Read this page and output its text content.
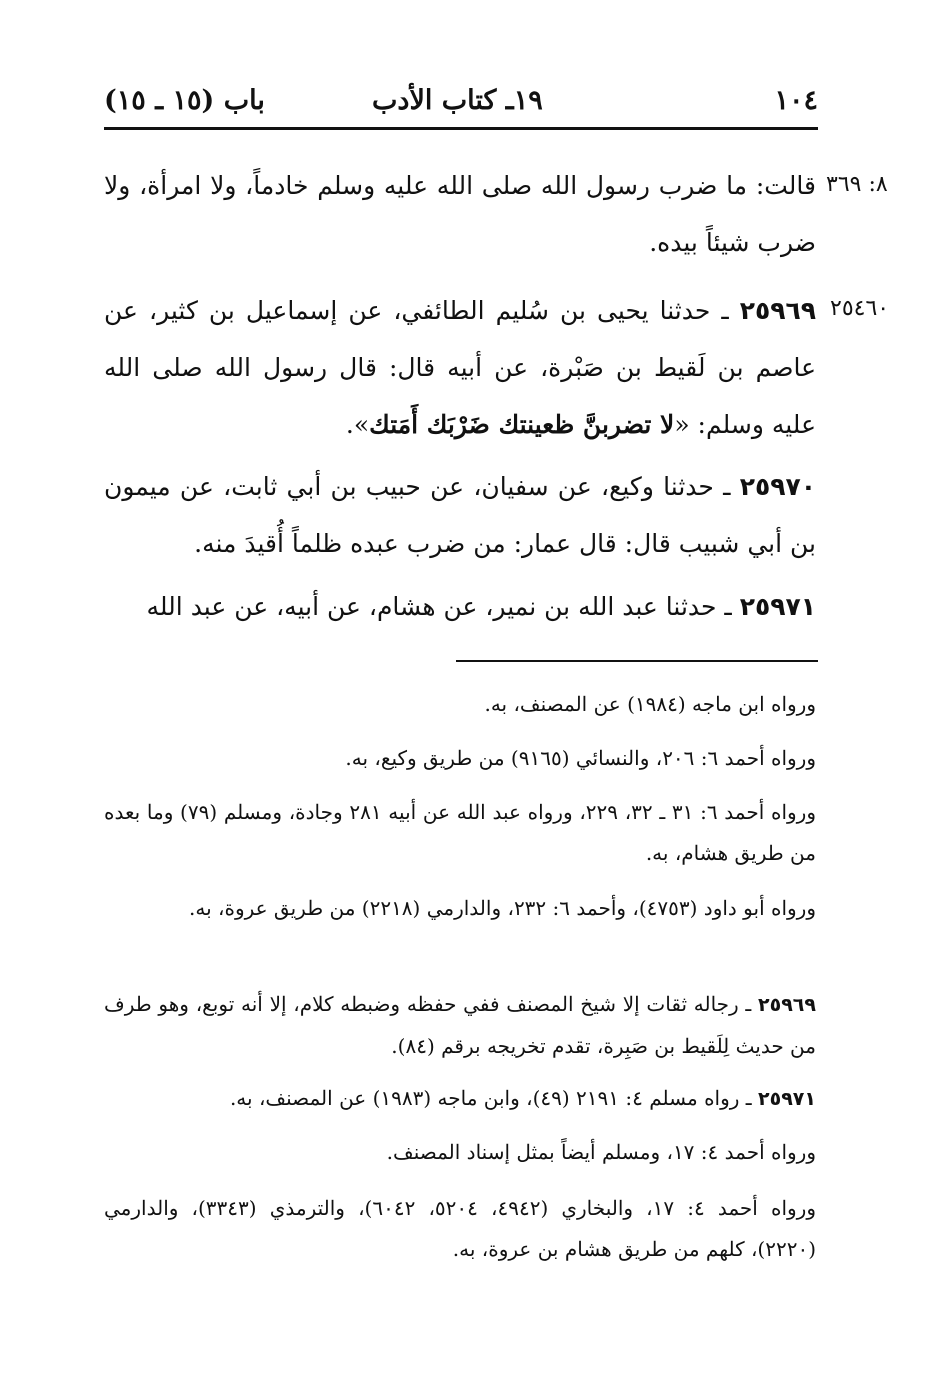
١٠٤
١٩ـ كتاب الأدب
باب (١٥ ـ ١٥)
٨: ٣٦٩
٢٥٤٦٠
قالت: ما ضرب رسول الله صلى الله عليه وسلم خادماً، ولا امرأة، ولا ضرب شيئاً بيده.
٢٥٩٦٩ ـ حدثنا يحيى بن سُليم الطائفي، عن إسماعيل بن كثير، عن عاصم بن لَقيط بن صَبْرة، عن أبيه قال: قال رسول الله صلى الله عليه وسلم: «لا تضربنَّ ظعينتك ضَرْبَك أَمَتك».
٢٥٩٧٠ ـ حدثنا وكيع، عن سفيان، عن حبيب بن أبي ثابت، عن ميمون بن أبي شبيب قال: قال عمار: من ضرب عبده ظلماً أُقيدَ منه.
٢٥٩٧١ ـ حدثنا عبد الله بن نمير، عن هشام، عن أبيه، عن عبد الله
ورواه ابن ماجه (١٩٨٤) عن المصنف، به.
ورواه أحمد ٦: ٢٠٦، والنسائي (٩١٦٥) من طريق وكيع، به.
ورواه أحمد ٦: ٣١ ـ ٣٢، ٢٢٩، ورواه عبد الله عن أبيه ٢٨١ وجادة، ومسلم (٧٩) وما بعده من طريق هشام، به.
ورواه أبو داود (٤٧٥٣)، وأحمد ٦: ٢٣٢، والدارمي (٢٢١٨) من طريق عروة، به.
٢٥٩٦٩ ـ رجاله ثقات إلا شيخ المصنف ففي حفظه وضبطه كلام، إلا أنه توبع، وهو طرف من حديث لِلَقيط بن صَبِرة، تقدم تخريجه برقم (٨٤).
٢٥٩٧١ ـ رواه مسلم ٤: ٢١٩١ (٤٩)، وابن ماجه (١٩٨٣) عن المصنف، به.
ورواه أحمد ٤: ١٧، ومسلم أيضاً بمثل إسناد المصنف.
ورواه أحمد ٤: ١٧، والبخاري (٤٩٤٢، ٥٢٠٤، ٦٠٤٢)، والترمذي (٣٣٤٣)، والدارمي (٢٢٢٠)، كلهم من طريق هشام بن عروة، به.
